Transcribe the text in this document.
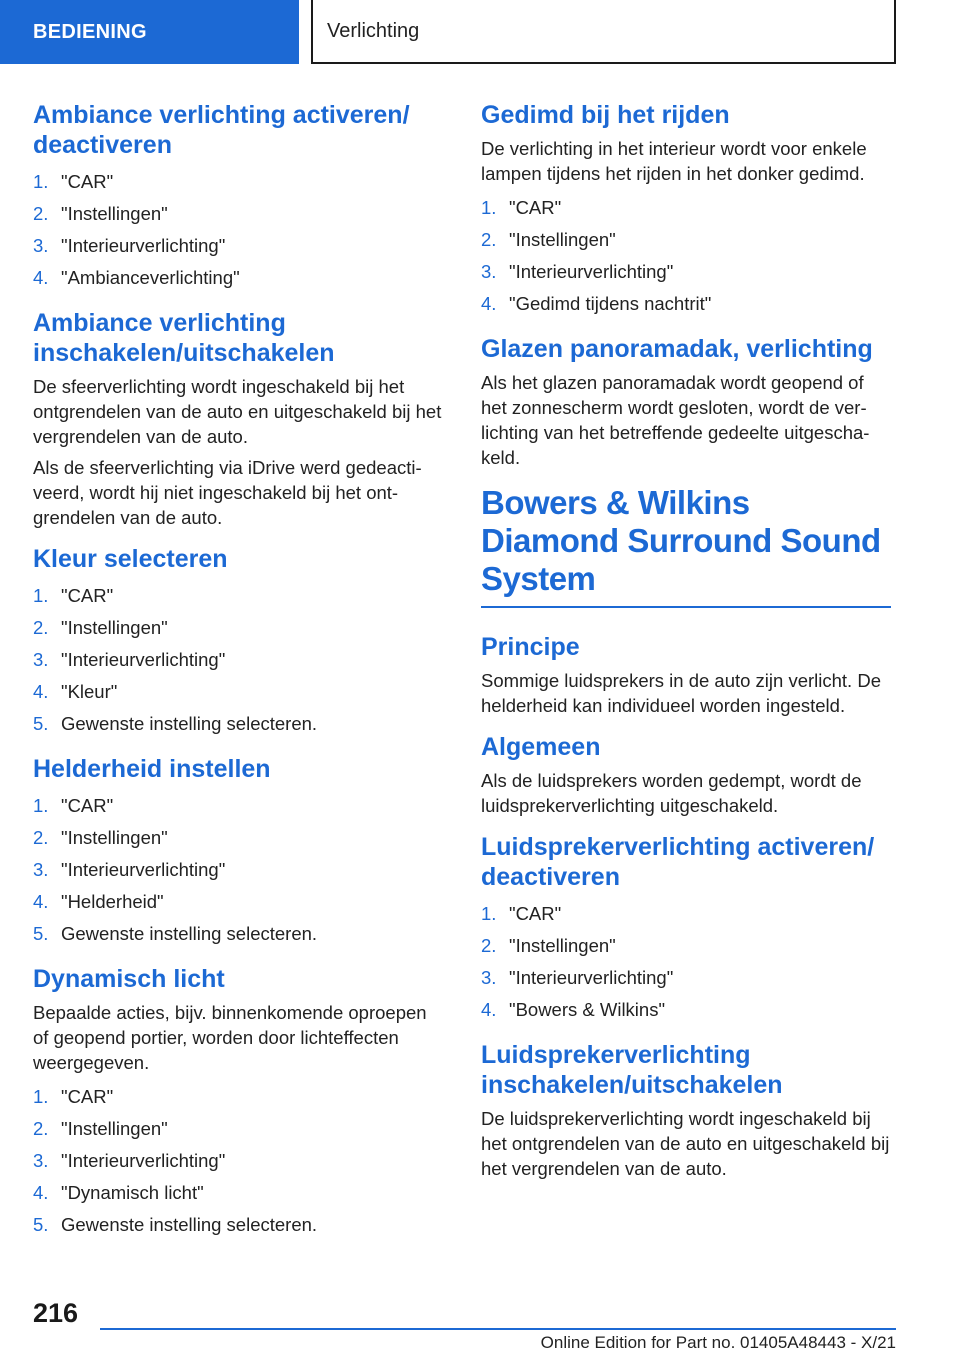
BEDIENING	Verlichting
Ambiance verlichting activeren/ deactiveren
1. "CAR"
2. "Instellingen"
3. "Interieurverlichting"
4. "Ambianceverlichting"
Ambiance verlichting inschakelen/uitschakelen

De sfeerverlichting wordt ingeschakeld bij het ontgrendelen van de auto en uitgeschakeld bij het vergrendelen van de auto.

Als de sfeerverlichting via iDrive werd gedeactiveerd, wordt hij niet ingeschakeld bij het ontgrendelen van de auto.

Kleur selecteren
1. "CAR"
2. "Instellingen"
3. "Interieurverlichting"
4. "Kleur"
5. Gewenste instelling selecteren.
Helderheid instellen
1. "CAR"
2. "Instellingen"
3. "Interieurverlichting"
4. "Helderheid"
5. Gewenste instelling selecteren.
Dynamisch licht

Bepaalde acties, bijv. binnenkomende oproepen of geopend portier, worden door lichteffecten weergegeven.

1. "CAR"
2. "Instellingen"
3. "Interieurverlichting"
4. "Dynamisch licht"
5. Gewenste instelling selecteren.
Gedimd bij het rijden

De verlichting in het interieur wordt voor enkele lampen tijdens het rijden in het donker gedimd.

1. "CAR"
2. "Instellingen"
3. "Interieurverlichting"
4. "Gedimd tijdens nachtrit"
Glazen panoramadak, verlichting

Als het glazen panoramadak wordt geopend of het zonnescherm wordt gesloten, wordt de verlichting van het betreffende gedeelte uitgeschakeld.

Bowers & Wilkins Diamond Surround Sound System
Principe

Sommige luidsprekers in de auto zijn verlicht. De helderheid kan individueel worden ingesteld.

Algemeen

Als de luidsprekers worden gedempt, wordt de luidsprekerverlichting uitgeschakeld.

Luidsprekerverlichting activeren/ deactiveren
1. "CAR"
2. "Instellingen"
3. "Interieurverlichting"
4. "Bowers & Wilkins"
Luidsprekerverlichting inschakelen/uitschakelen

De luidsprekerverlichting wordt ingeschakeld bij het ontgrendelen van de auto en uitgeschakeld bij het vergrendelen van de auto.

216
Online Edition for Part no. 01405A48443 - X/21
